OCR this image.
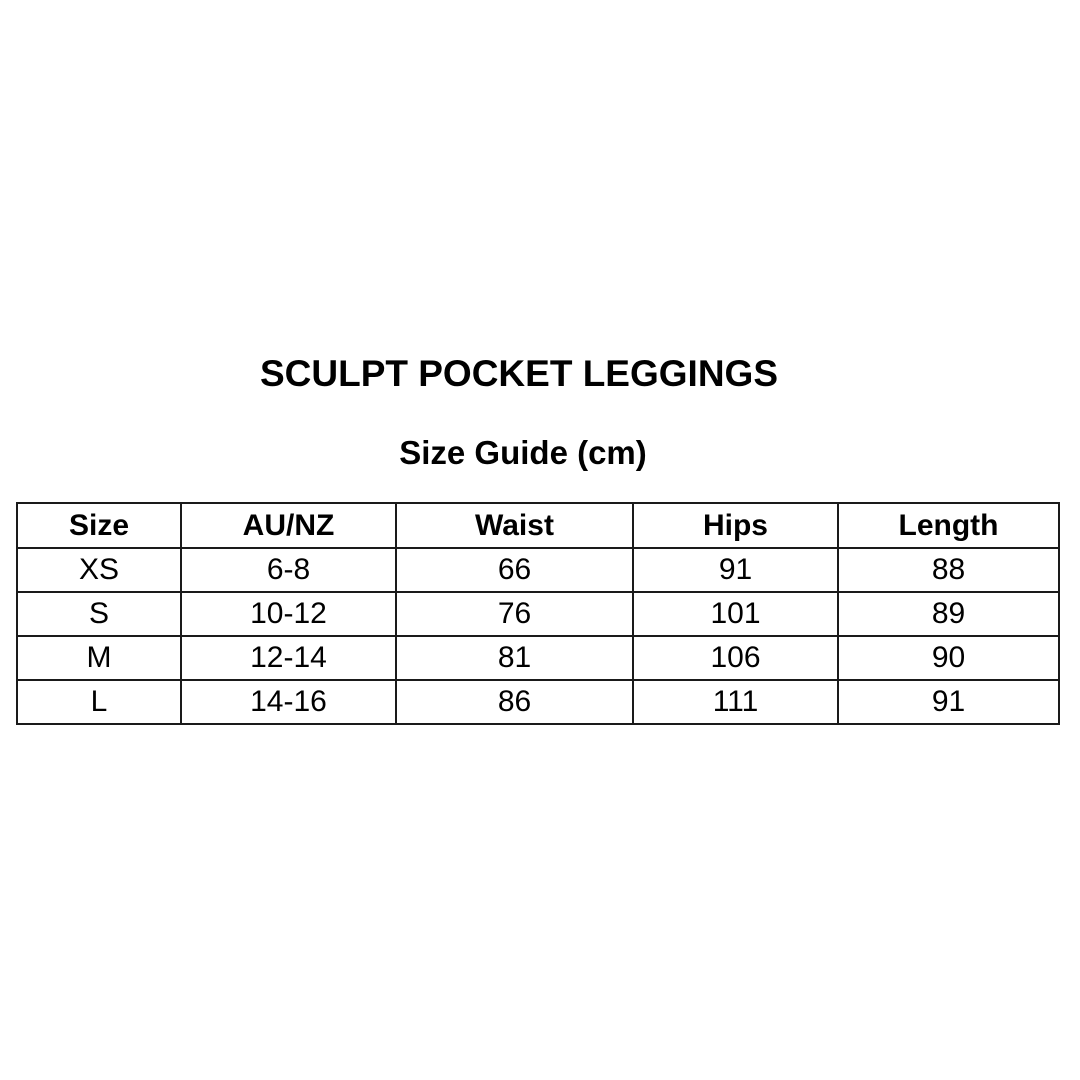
SCULPT POCKET LEGGINGS
Size Guide (cm)
Size	AU/NZ	Waist	Hips	Length
XS	6-8	66	91	88
S	10-12	76	101	89
M	12-14	81	106	90
L	14-16	86	111	91
